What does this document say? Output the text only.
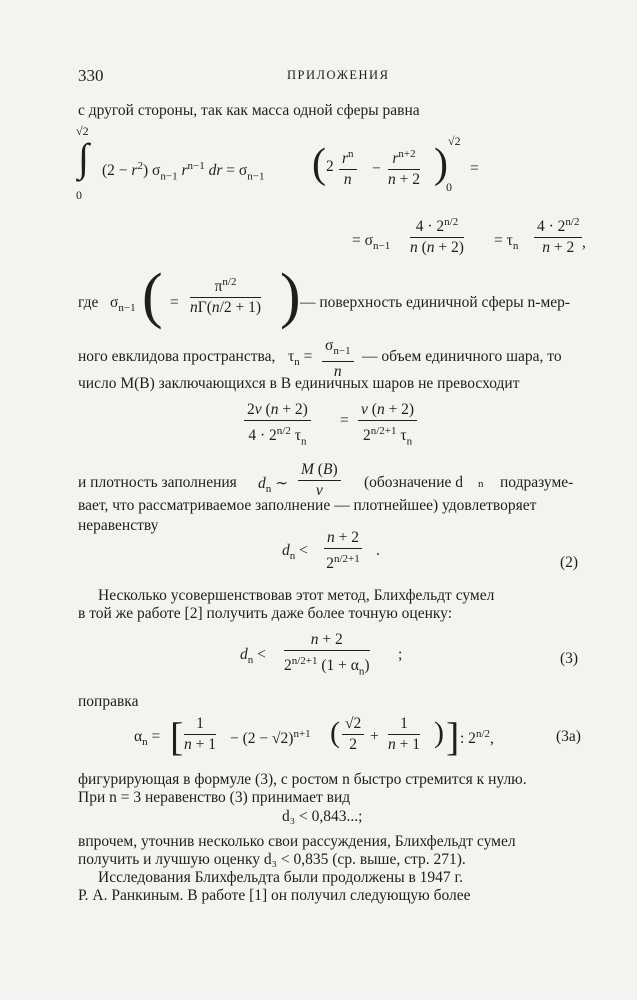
330	ПРИЛОЖЕНИЯ
с другой стороны, так как масса одной сферы равна
√2
∫
0
$(2 - r^2)$ $\sigma_{n-1}$ $r^{n-1}$ dr = $\sigma_{n-1}$ ( $2 \frac{r^n}{n} - \frac{r^{n+2}}{n + 2}$ ) √2
0
=
= $\sigma_{n-1} \frac{4 \cdot 2^{n/2}}{n (n + 2)} = \tau_n \frac{4 \cdot 2^{n/2}}{n + 2}$ ,
где $\sigma_{n-1}$ ( = $\frac{\pi^{n/2}}{n\Gamma(n/2 + 1)}$ ) — поверхность единичной сферы n-мер-
ного евклидова пространства, $\tau_n = \frac{\sigma_{n-1}}{n}$ — объем единичного шара, то
число M(B) заключающихся в B единичных шаров не превосходит
$\frac{2v (n + 2)}{4 \cdot 2^{n/2} \tau_n} = \frac{v (n + 2)}{2^{n/2+1} \tau_n}$
и плотность заполнения $d_n$ ∼ $\frac{M (B)}{v}$ (обозначение d n подразуме-
вает, что рассматриваемое заполнение — плотнейшее) удовлетворяет
неравенству
$d_n < \frac{n + 2}{2^{n/2+1}}$ .
(2)
Несколько усовершенствовав этот метод, Блихфельдт сумел
в той же работе [2] получить даже более точную оценку:
$d_n < \frac{n + 2}{2^{n/2+1} (1 + \alpha_n)}$ ;	(3)
поправка
$\alpha_n$ = [ $\frac{1}{n + 1} - (2 - √2)^{n+1}$ ( $\frac{√2}{2} + \frac{1}{n + 1}$ ) ] : $2^{n/2}$,	(3а)
фигурирующая в формуле (3), с ростом n быстро стремится к нулю.
При n = 3 неравенство (3) принимает вид
d₃ < 0,843...;
впрочем, уточнив несколько свои рассуждения, Блихфельдт сумел
получить и лучшую оценку d₃ < 0,835 (ср. выше, стр. 271).
Исследования Блихфельдта были продолжены в 1947 г.
Р. А. Ранкиным. В работе [1] он получил следующую более
